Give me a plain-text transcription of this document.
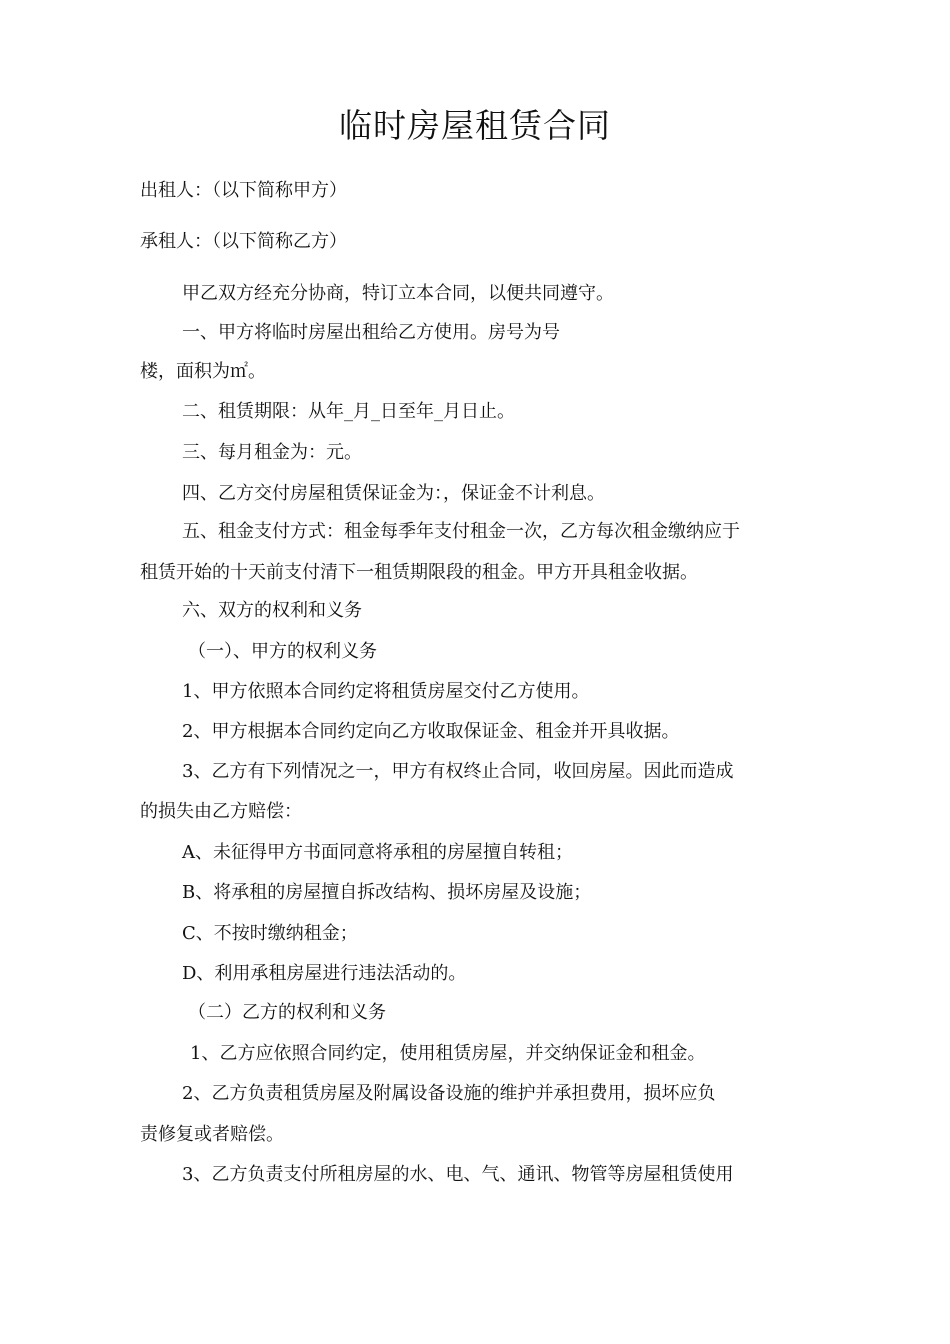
临时房屋租赁合同
出租人：（以下简称甲方）
承租人：（以下简称乙方）
甲乙双方经充分协商，特订立本合同，以便共同遵守。
一、甲方将临时房屋出租给乙方使用。房号为号
楼，面积为㎡。
二、租赁期限：从年_月_日至年_月日止。
三、每月租金为：元。
四、乙方交付房屋租赁保证金为：，保证金不计利息。
五、租金支付方式：租金每季年支付租金一次，乙方每次租金缴纳应于
租赁开始的十天前支付清下一租赁期限段的租金。甲方开具租金收据。
六、双方的权利和义务
（一）、甲方的权利义务
1、甲方依照本合同约定将租赁房屋交付乙方使用。
2、甲方根据本合同约定向乙方收取保证金、租金并开具收据。
3、乙方有下列情况之一，甲方有权终止合同，收回房屋。因此而造成
的损失由乙方赔偿：
A、未征得甲方书面同意将承租的房屋擅自转租；
B、将承租的房屋擅自拆改结构、损坏房屋及设施；
C、不按时缴纳租金；
D、利用承租房屋进行违法活动的。
（二）乙方的权利和义务
1、乙方应依照合同约定，使用租赁房屋，并交纳保证金和租金。
2、乙方负责租赁房屋及附属设备设施的维护并承担费用，损坏应负
责修复或者赔偿。
3、乙方负责支付所租房屋的水、电、气、通讯、物管等房屋租赁使用
